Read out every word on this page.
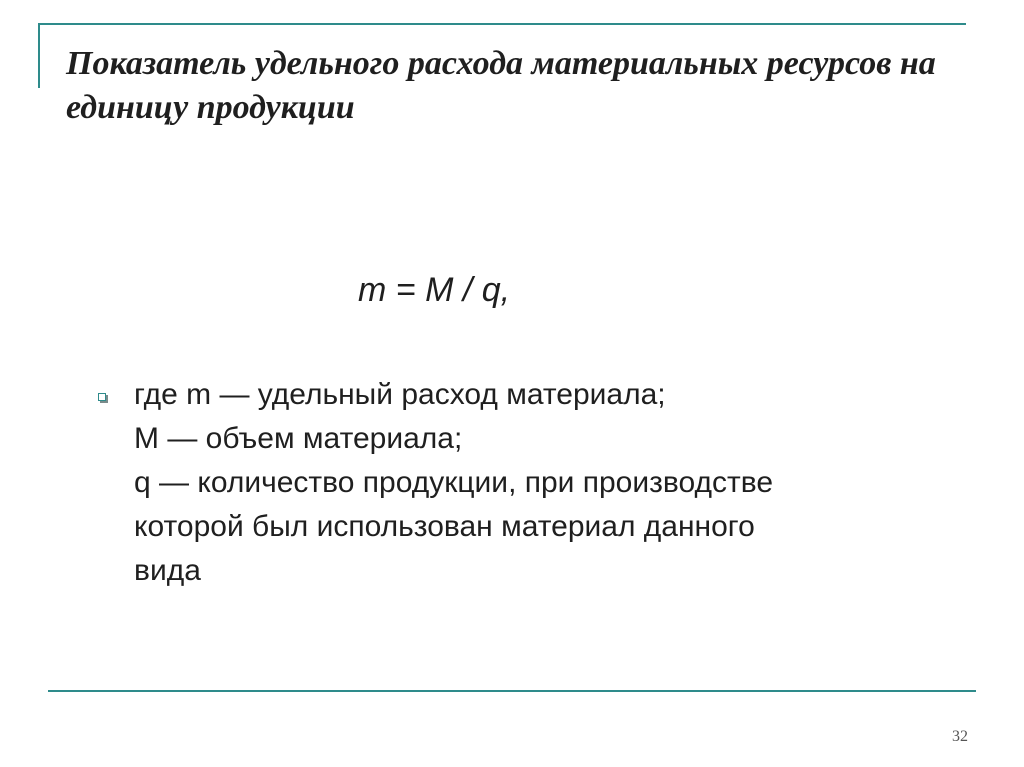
Показатель удельного расхода материальных ресурсов на единицу продукции
m = M / q,
где m — удельный расход материала;
М — объем материала;
q — количество продукции, при производстве
которой был использован материал данного
вида
32
